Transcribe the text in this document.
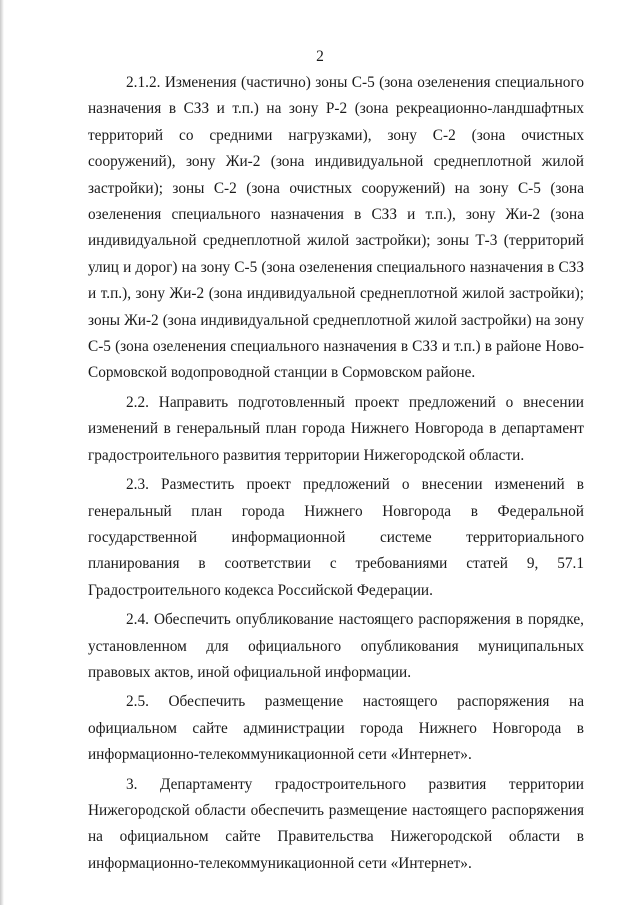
2

2.1.2. Изменения (частично) зоны С-5 (зона озеленения специального назначения в СЗЗ и т.п.) на зону Р-2 (зона рекреационно-ландшафтных территорий со средними нагрузками), зону С-2 (зона очистных сооружений), зону Жи-2 (зона индивидуальной среднеплотной жилой застройки); зоны С-2 (зона очистных сооружений) на зону С-5 (зона озеленения специального назначения в СЗЗ и т.п.), зону Жи-2 (зона индивидуальной среднеплотной жилой застройки); зоны Т-3 (территорий улиц и дорог) на зону С-5 (зона озеленения специального назначения в СЗЗ и т.п.), зону Жи-2 (зона индивидуальной среднеплотной жилой застройки); зоны Жи-2 (зона индивидуальной среднеплотной жилой застройки) на зону С-5 (зона озеленения специального назначения в СЗЗ и т.п.) в районе Ново-Сормовской водопроводной станции в Сормовском районе.

2.2. Направить подготовленный проект предложений о внесении изменений в генеральный план города Нижнего Новгорода в департамент градостроительного развития территории Нижегородской области.

2.3. Разместить проект предложений о внесении изменений в генеральный план города Нижнего Новгорода в Федеральной государственной информационной системе территориального планирования в соответствии с требованиями статей 9, 57.1 Градостроительного кодекса Российской Федерации.

2.4. Обеспечить опубликование настоящего распоряжения в порядке, установленном для официального опубликования муниципальных правовых актов, иной официальной информации.

2.5. Обеспечить размещение настоящего распоряжения на официальном сайте администрации города Нижнего Новгорода в информационно-телекоммуникационной сети «Интернет».

3. Департаменту градостроительного развития территории Нижегородской области обеспечить размещение настоящего распоряжения на официальном сайте Правительства Нижегородской области в информационно-телекоммуникационной сети «Интернет».
